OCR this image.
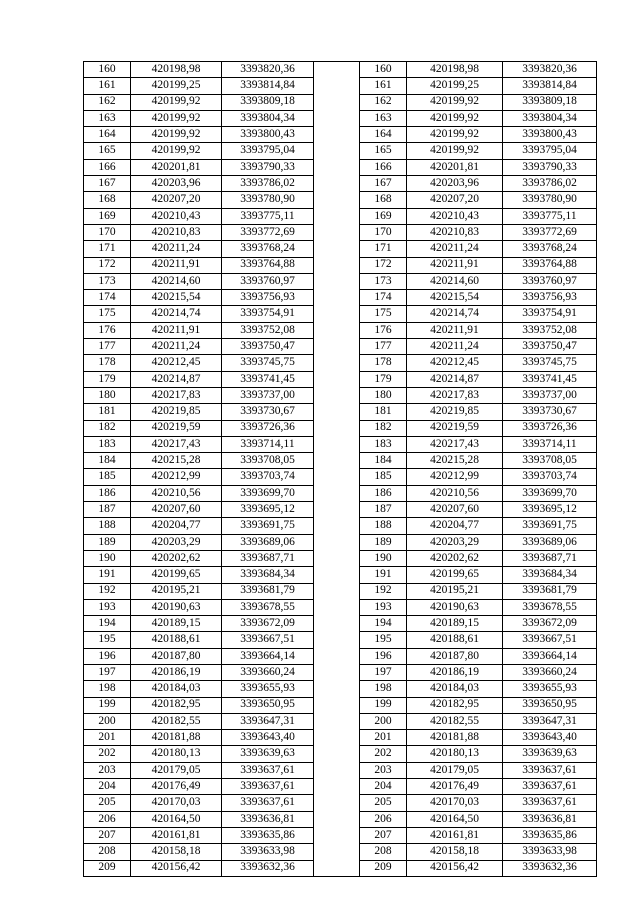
160	420198,98	3393820,36		160	420198,98	3393820,36
161	420199,25	3393814,84		161	420199,25	3393814,84
162	420199,92	3393809,18		162	420199,92	3393809,18
163	420199,92	3393804,34		163	420199,92	3393804,34
164	420199,92	3393800,43		164	420199,92	3393800,43
165	420199,92	3393795,04		165	420199,92	3393795,04
166	420201,81	3393790,33		166	420201,81	3393790,33
167	420203,96	3393786,02		167	420203,96	3393786,02
168	420207,20	3393780,90		168	420207,20	3393780,90
169	420210,43	3393775,11		169	420210,43	3393775,11
170	420210,83	3393772,69		170	420210,83	3393772,69
171	420211,24	3393768,24		171	420211,24	3393768,24
172	420211,91	3393764,88		172	420211,91	3393764,88
173	420214,60	3393760,97		173	420214,60	3393760,97
174	420215,54	3393756,93		174	420215,54	3393756,93
175	420214,74	3393754,91		175	420214,74	3393754,91
176	420211,91	3393752,08		176	420211,91	3393752,08
177	420211,24	3393750,47		177	420211,24	3393750,47
178	420212,45	3393745,75		178	420212,45	3393745,75
179	420214,87	3393741,45		179	420214,87	3393741,45
180	420217,83	3393737,00		180	420217,83	3393737,00
181	420219,85	3393730,67		181	420219,85	3393730,67
182	420219,59	3393726,36		182	420219,59	3393726,36
183	420217,43	3393714,11		183	420217,43	3393714,11
184	420215,28	3393708,05		184	420215,28	3393708,05
185	420212,99	3393703,74		185	420212,99	3393703,74
186	420210,56	3393699,70		186	420210,56	3393699,70
187	420207,60	3393695,12		187	420207,60	3393695,12
188	420204,77	3393691,75		188	420204,77	3393691,75
189	420203,29	3393689,06		189	420203,29	3393689,06
190	420202,62	3393687,71		190	420202,62	3393687,71
191	420199,65	3393684,34		191	420199,65	3393684,34
192	420195,21	3393681,79		192	420195,21	3393681,79
193	420190,63	3393678,55		193	420190,63	3393678,55
194	420189,15	3393672,09		194	420189,15	3393672,09
195	420188,61	3393667,51		195	420188,61	3393667,51
196	420187,80	3393664,14		196	420187,80	3393664,14
197	420186,19	3393660,24		197	420186,19	3393660,24
198	420184,03	3393655,93		198	420184,03	3393655,93
199	420182,95	3393650,95		199	420182,95	3393650,95
200	420182,55	3393647,31		200	420182,55	3393647,31
201	420181,88	3393643,40		201	420181,88	3393643,40
202	420180,13	3393639,63		202	420180,13	3393639,63
203	420179,05	3393637,61		203	420179,05	3393637,61
204	420176,49	3393637,61		204	420176,49	3393637,61
205	420170,03	3393637,61		205	420170,03	3393637,61
206	420164,50	3393636,81		206	420164,50	3393636,81
207	420161,81	3393635,86		207	420161,81	3393635,86
208	420158,18	3393633,98		208	420158,18	3393633,98
209	420156,42	3393632,36		209	420156,42	3393632,36
